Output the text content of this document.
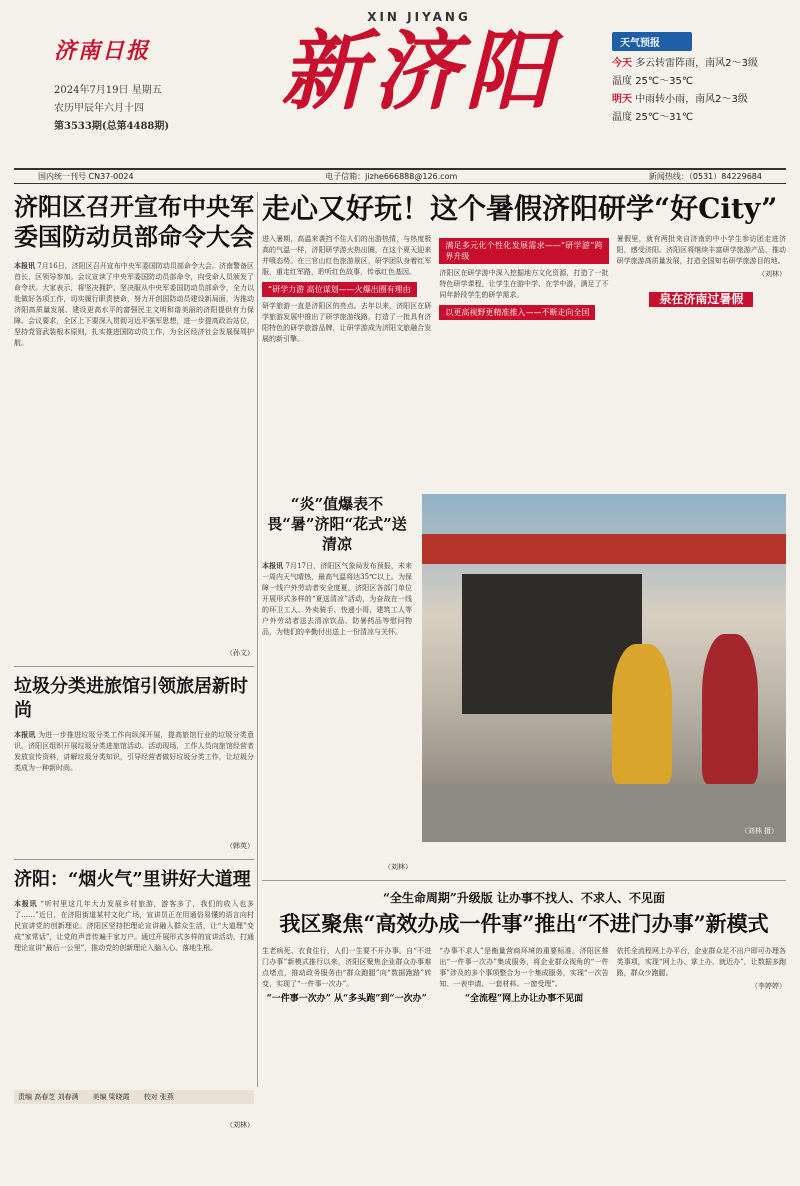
济南日报
2024年7月19日 星期五
农历甲辰年六月十四
第3533期(总第4488期)
XIN JIYANG
新济阳	天气预报
今天 多云转雷阵雨，南风2～3级
温度 25℃～35℃
明天 中雨转小雨，南风2～3级
温度 25℃～31℃
国内统一刊号 CN37-0024	电子信箱：jizhe666888@126.com	新闻热线：（0531）84229684
济阳区召开宣布中央军委国防动员部命令大会
本报讯 7月16日，济阳区召开宣布中央军委国防动员部命令大会。济南警备区首长、区领导参加。会议宣读了中央军委国防动员部命令，向受命人员颁发了命令状。大家表示，将坚决拥护、坚决服从中央军委国防动员部命令，全力以赴做好各项工作，切实履行职责使命，努力开创国防动员建设新局面，为推动济阳高质量发展、建设更高水平的富强民主文明和谐美丽的济阳提供有力保障。会议要求，全区上下要深入贯彻习近平强军思想，进一步提高政治站位，坚持党管武装根本原则，扎实推进国防动员工作，为全区经济社会发展保驾护航。
（孙文）
垃圾分类进旅馆引领旅居新时尚
本报讯 为进一步推进垃圾分类工作向纵深开展，提高旅馆行业的垃圾分类意识，济阳区组织开展垃圾分类进旅馆活动。活动现场，工作人员向旅馆经营者发放宣传资料，讲解垃圾分类知识，引导经营者做好垃圾分类工作，让垃圾分类成为一种新时尚。
（韩英）
济阳：“烟火气”里讲好大道理
本报讯 “听村里这几年大力发展乡村旅游，游客多了，我们的收入也多了……”近日，在济阳街道某村文化广场，宣讲员正在用通俗易懂的语言向村民宣讲党的创新理论。济阳区坚持把理论宣讲融入群众生活，让“大道理”变成“家常话”，让党的声音传遍千家万户。通过开展形式多样的宣讲活动，打通理论宣讲“最后一公里”，推动党的创新理论入脑入心、落地生根。
（刘林）
责编 高春芝 刘春满 美编 梁晓霞 校对 张燕
走心又好玩！这个暑假济阳研学“好City”
进入暑期，高温来袭挡不住人们的出游热情，与热度极高的气温一样，济阳研学游火热出圈，在这个夏天迎来井喷态势。在三官山红色旅游景区，研学团队身着红军服，重走红军路，聆听红色故事，传承红色基因。
“研学力游 高位谋划——火爆出圈有理由
研学旅游一直是济阳区的亮点。去年以来，济阳区在研学旅游发展中推出了研学旅游线路，打造了一批具有济阳特色的研学旅游品牌，让研学游成为济阳文旅融合发展的新引擎。
满足多元化个性化发展需求——“研学游”跨界升级
济阳区在研学游中深入挖掘地方文化资源，打造了一批特色研学课程，让学生在游中学、在学中游，满足了不同年龄段学生的研学需求。
以更高视野更精准推入——不断走向全国
暑假里，就有两批来自济南的中小学生参访团走进济阳，感受济阳。济阳区将继续丰富研学旅游产品，推动研学旅游高质量发展，打造全国知名研学旅游目的地。
（刘林）
泉在济南过暑假
“炎”值爆表不畏“暑”济阳“花式”送清凉
本报讯 7月17日，济阳区气象局发布预报，未来一周内天气晴热，最高气温将达35℃以上。为保障一线户外劳动者安全度夏，济阳区各部门单位开展形式多样的“夏送清凉”活动，为奋战在一线的环卫工人、外卖骑手、快递小哥、建筑工人等户外劳动者送去清凉饮品、防暑药品等慰问物品，为他们的辛勤付出送上一份清凉与关怀。
（刘林）
（刘林 摄）
“全生命周期”升级版 让办事不找人、不求人、不见面
我区聚焦“高效办成一件事”推出“不进门办事”新模式
生老病死、衣食住行，人们一生要不开办事。自“不进门办事”新模式推行以来，济阳区聚焦企业群众办事难点堵点，推动政务服务由“群众跑腿”向“数据跑路”转变，实现了“一件事一次办”。
“一件事一次办” 从“多头跑”到“一次办”
“办事不求人”是衡量营商环境的重要标准。济阳区推出“一件事一次办”集成服务，将企业群众视角的“一件事”涉及的多个事项整合为一个集成服务，实现“一次告知、一表申请、一套材料、一窗受理”。
“全流程”网上办让办事不见面
依托全流程网上办平台，企业群众足不出户即可办理各类事项，实现“网上办、掌上办、就近办”，让数据多跑路，群众少跑腿。
（李婷婷）
